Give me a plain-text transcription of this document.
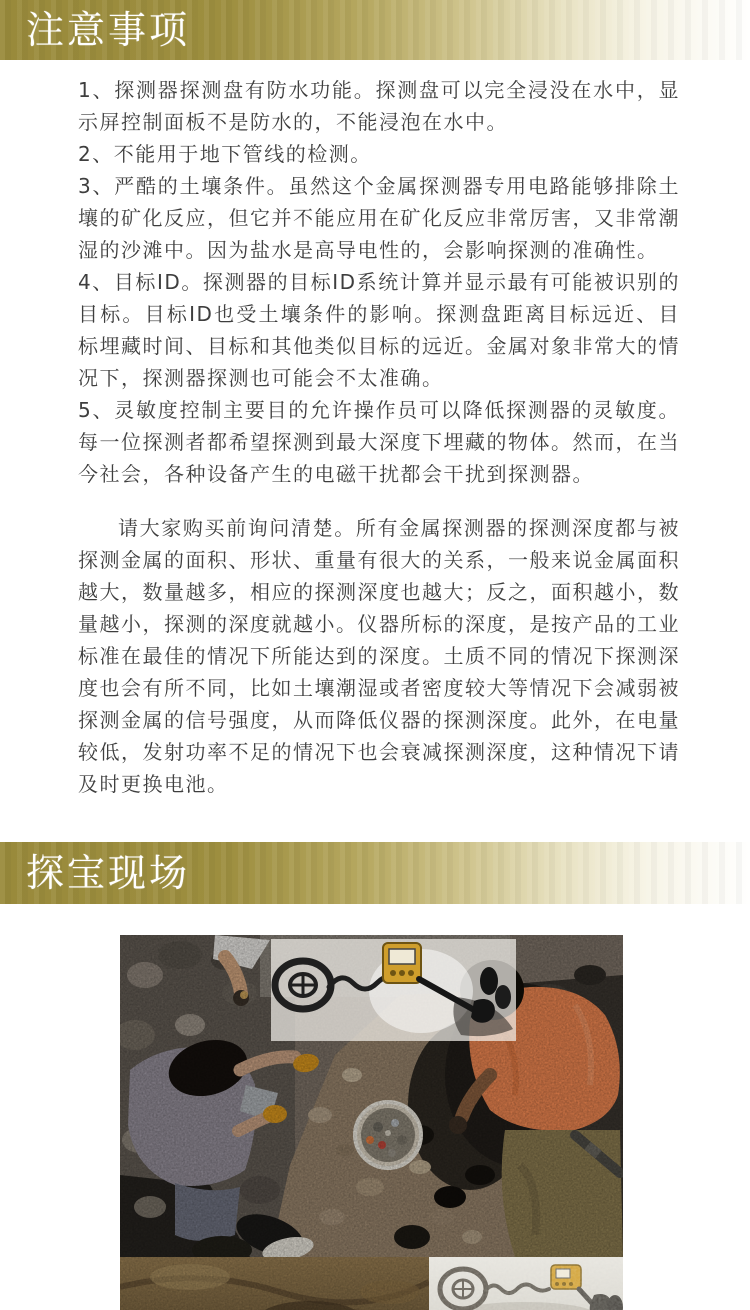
注意事项

1、探测器探测盘有防水功能。探测盘可以完全浸没在水中，显示屏控制面板不是防水的，不能浸泡在水中。

2、不能用于地下管线的检测。

3、严酷的土壤条件。虽然这个金属探测器专用电路能够排除土壤的矿化反应，但它并不能应用在矿化反应非常厉害，又非常潮湿的沙滩中。因为盐水是高导电性的，会影响探测的准确性。

4、目标ID。探测器的目标ID系统计算并显示最有可能被识别的目标。目标ID也受土壤条件的影响。探测盘距离目标远近、目标埋藏时间、目标和其他类似目标的远近。金属对象非常大的情况下，探测器探测也可能会不太准确。

5、灵敏度控制主要目的允许操作员可以降低探测器的灵敏度。每一位探测者都希望探测到最大深度下埋藏的物体。然而，在当今社会，各种设备产生的电磁干扰都会干扰到探测器。

请大家购买前询问清楚。所有金属探测器的探测深度都与被探测金属的面积、形状、重量有很大的关系，一般来说金属面积越大，数量越多，相应的探测深度也越大；反之，面积越小，数量越小，探测的深度就越小。仪器所标的深度，是按产品的工业标准在最佳的情况下所能达到的深度。土质不同的情况下探测深度也会有所不同，比如土壤潮湿或者密度较大等情况下会减弱被探测金属的信号强度，从而降低仪器的探测深度。此外，在电量较低，发射功率不足的情况下也会衰减探测深度，这种情况下请及时更换电池。

探宝现场
